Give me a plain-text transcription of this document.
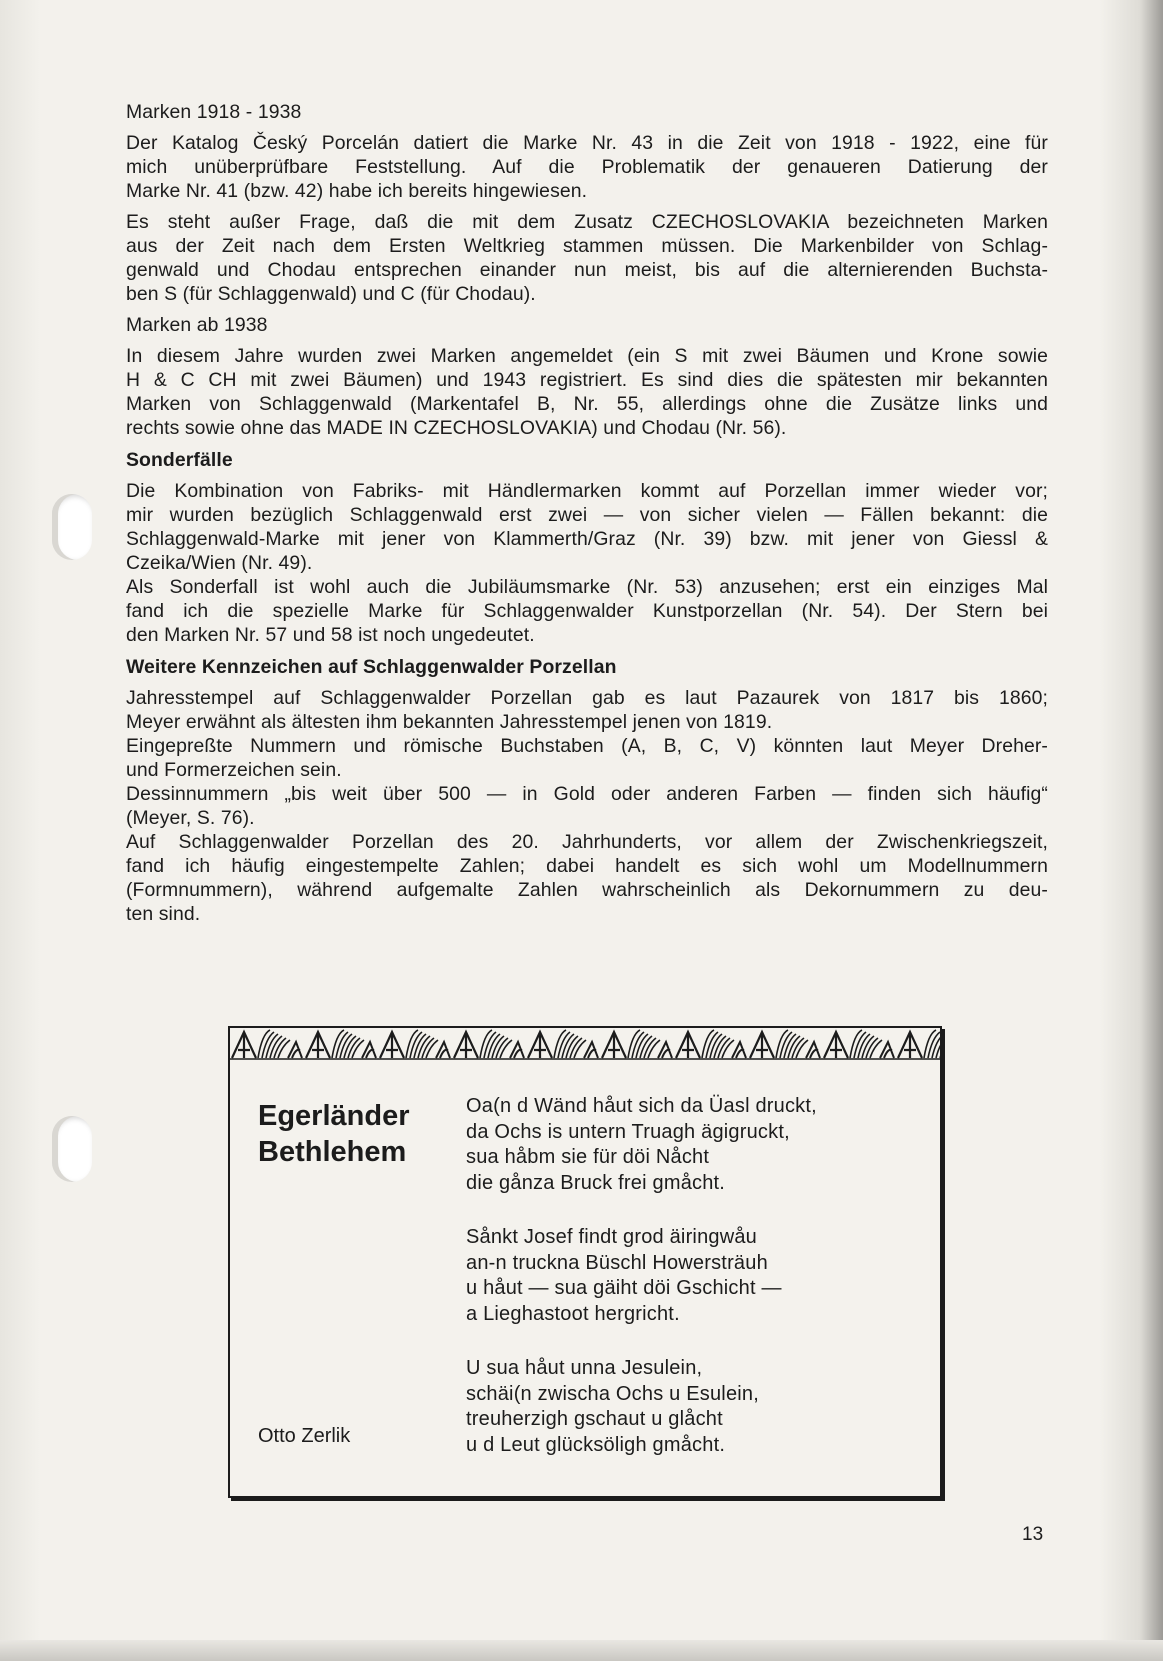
Marken 1918 - 1938

Der Katalog Český Porcelán datiert die Marke Nr. 43 in die Zeit von 1918 - 1922, eine für
mich unüberprüfbare Feststellung. Auf die Problematik der genaueren Datierung der
Marke Nr. 41 (bzw. 42) habe ich bereits hingewiesen.

Es steht außer Frage, daß die mit dem Zusatz CZECHOSLOVAKIA bezeichneten Marken
aus der Zeit nach dem Ersten Weltkrieg stammen müssen. Die Markenbilder von Schlag-
genwald und Chodau entsprechen einander nun meist, bis auf die alternierenden Buchsta-
ben S (für Schlaggenwald) und C (für Chodau).

Marken ab 1938

In diesem Jahre wurden zwei Marken angemeldet (ein S mit zwei Bäumen und Krone sowie
H & C CH mit zwei Bäumen) und 1943 registriert. Es sind dies die spätesten mir bekannten
Marken von Schlaggenwald (Markentafel B, Nr. 55, allerdings ohne die Zusätze links und
rechts sowie ohne das MADE IN CZECHOSLOVAKIA) und Chodau (Nr. 56).

Sonderfälle

Die Kombination von Fabriks- mit Händlermarken kommt auf Porzellan immer wieder vor;
mir wurden bezüglich Schlaggenwald erst zwei — von sicher vielen — Fällen bekannt: die
Schlaggenwald-Marke mit jener von Klammerth/Graz (Nr. 39) bzw. mit jener von Giessl &
Czeika/Wien (Nr. 49).

Als Sonderfall ist wohl auch die Jubiläumsmarke (Nr. 53) anzusehen; erst ein einziges Mal
fand ich die spezielle Marke für Schlaggenwalder Kunstporzellan (Nr. 54). Der Stern bei
den Marken Nr. 57 und 58 ist noch ungedeutet.

Weitere Kennzeichen auf Schlaggenwalder Porzellan

Jahresstempel auf Schlaggenwalder Porzellan gab es laut Pazaurek von 1817 bis 1860;
Meyer erwähnt als ältesten ihm bekannten Jahresstempel jenen von 1819.

Eingepreßte Nummern und römische Buchstaben (A, B, C, V) könnten laut Meyer Dreher-
und Formerzeichen sein.

Dessinnummern „bis weit über 500 — in Gold oder anderen Farben — finden sich häufig“
(Meyer, S. 76).

Auf Schlaggenwalder Porzellan des 20. Jahrhunderts, vor allem der Zwischenkriegszeit,
fand ich häufig eingestempelte Zahlen; dabei handelt es sich wohl um Modellnummern
(Formnummern), während aufgemalte Zahlen wahrscheinlich als Dekornummern zu deu-
ten sind.

Egerländer
Bethlehem
Oa(n d Wänd håut sich da Üasl druckt,
da Ochs is untern Truagh ägigruckt,
sua håbm sie für döi Nåcht
die gånza Bruck frei gmåcht.
Sånkt Josef findt grod äiringwåu
an-n truckna Büschl Howersträuh
u håut — sua gäiht döi Gschicht —
a Lieghastoot hergricht.
U sua håut unna Jesulein,
schäi(n zwischa Ochs u Esulein,
treuherzigh gschaut u glåcht
u d Leut glücksöligh gmåcht.
Otto Zerlik
13
